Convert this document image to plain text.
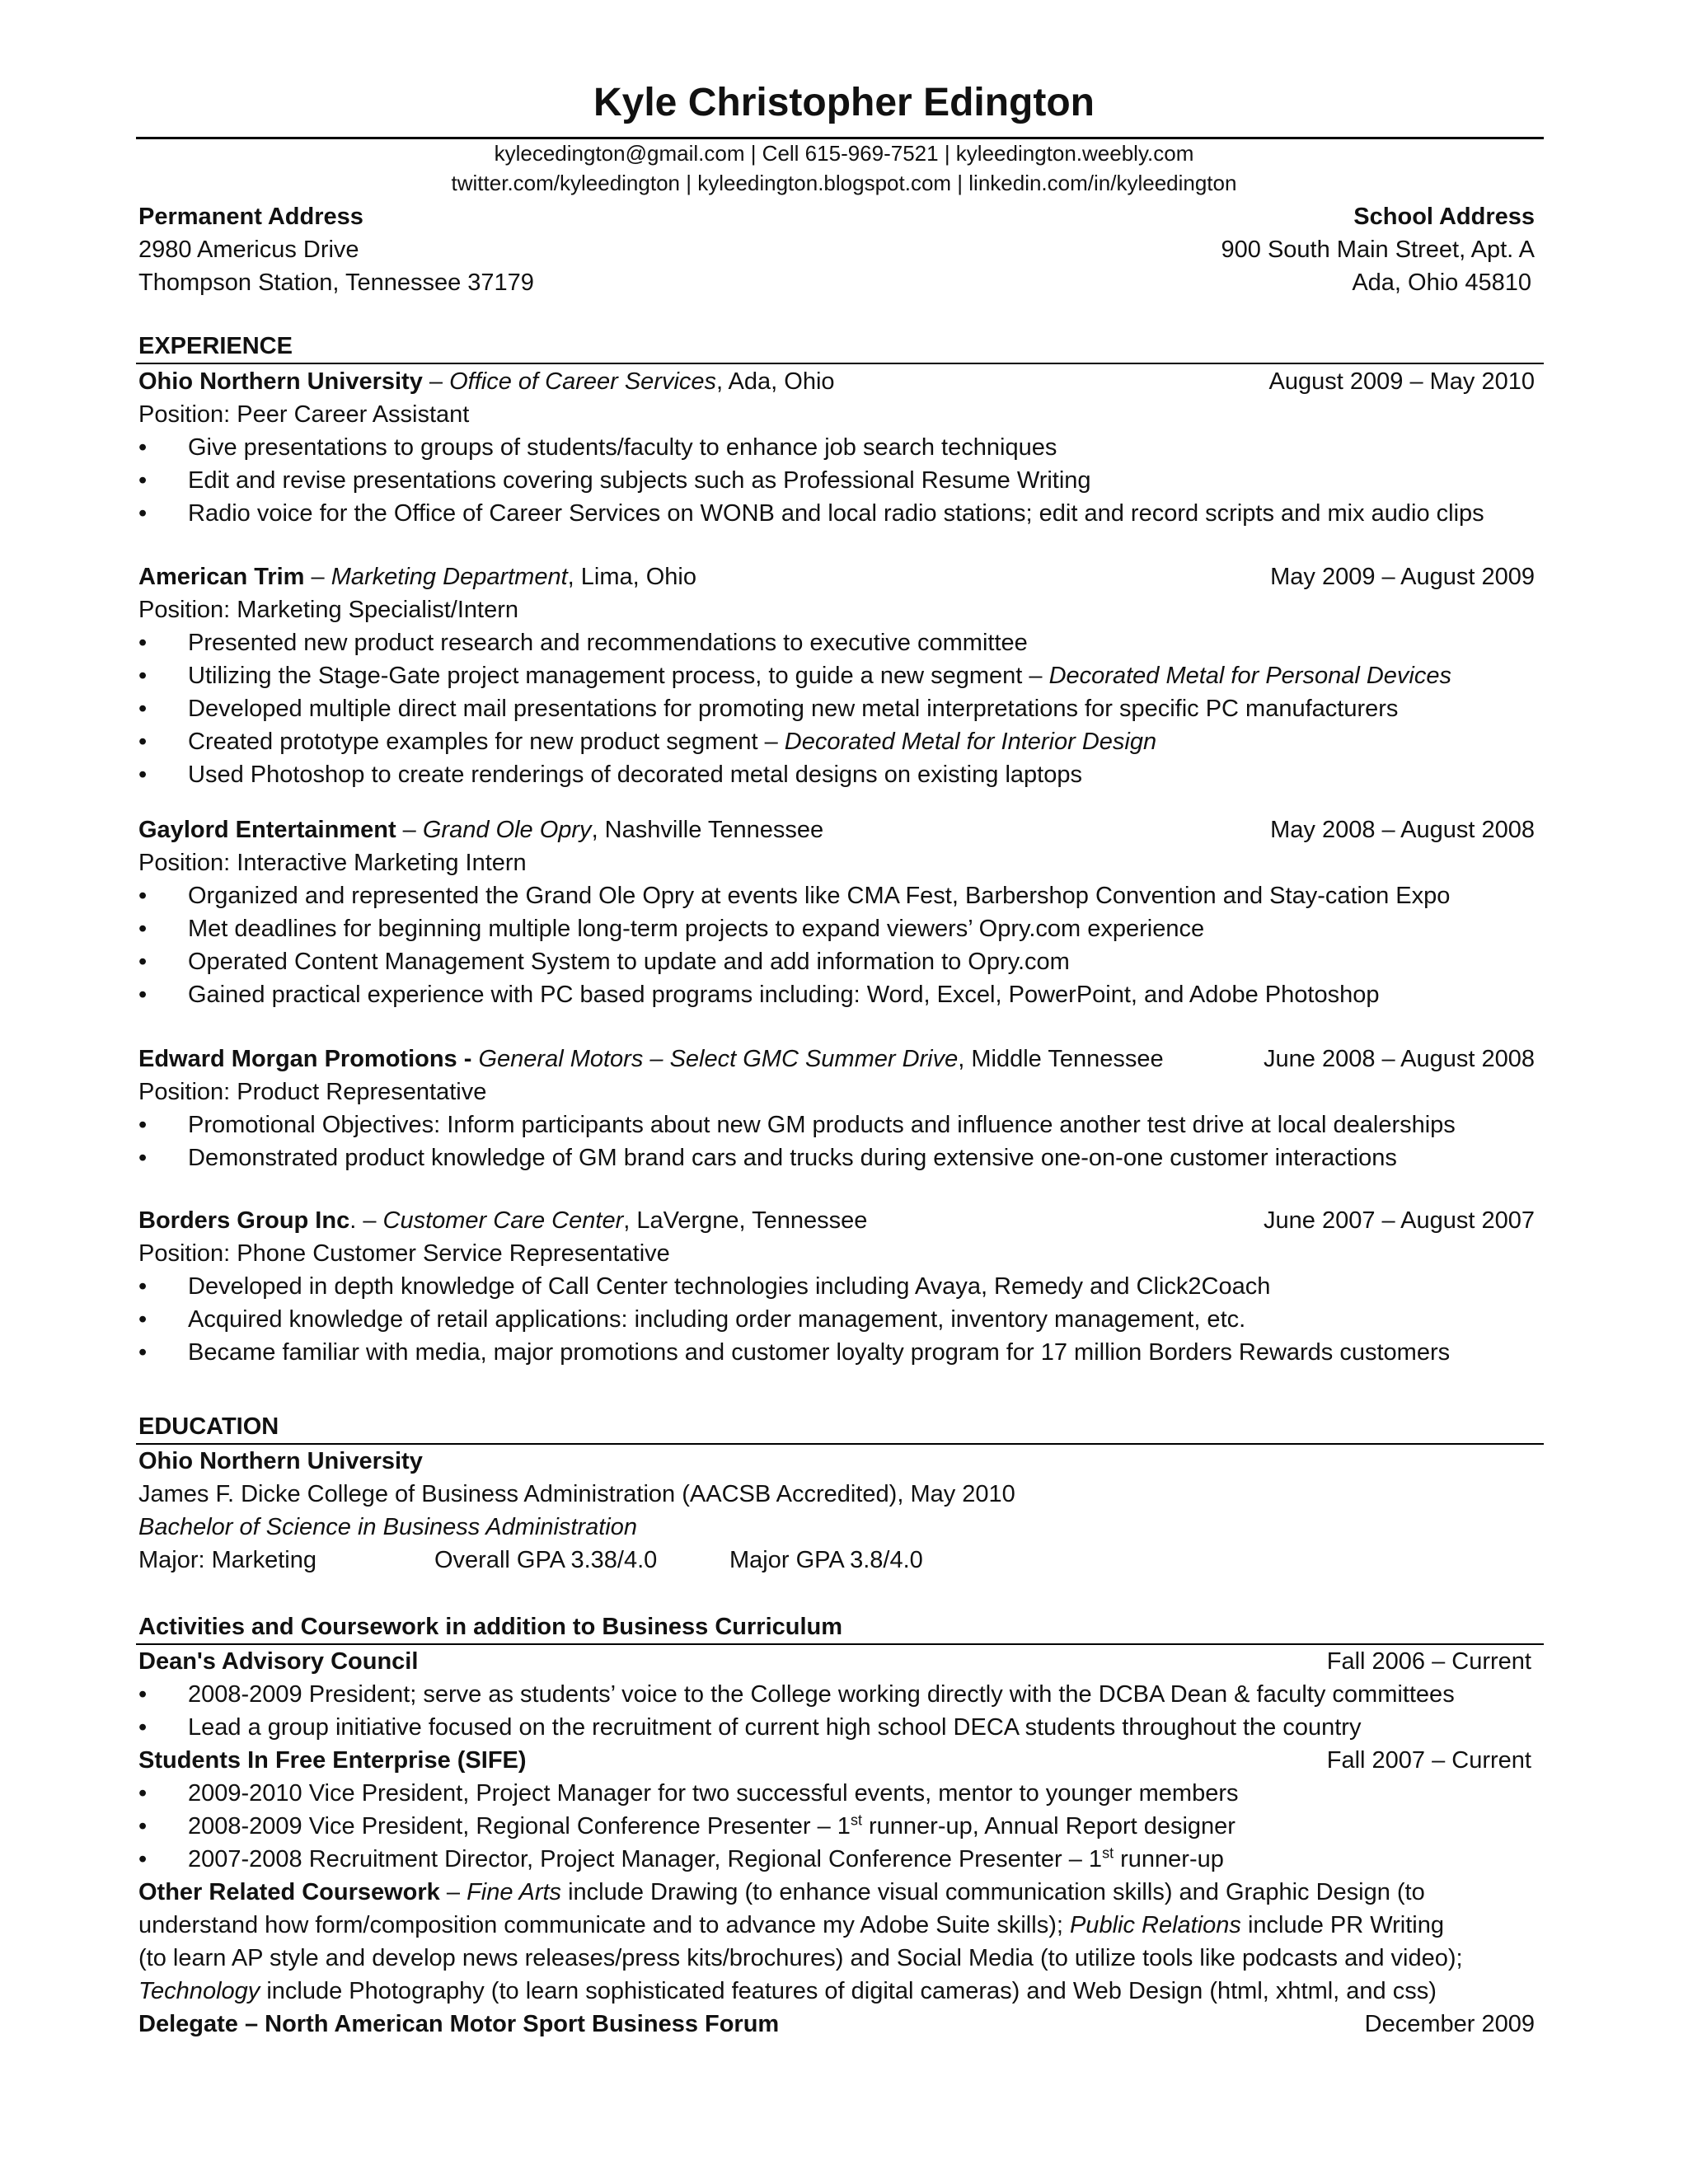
Kyle Christopher Edington
kylecedington@gmail.com | Cell 615-969-7521 | kyleedington.weebly.com
twitter.com/kyleedington | kyleedington.blogspot.com | linkedin.com/in/kyleedington
Permanent Address
2980 Americus Drive
Thompson Station, Tennessee 37179
School Address
900 South Main Street, Apt. A
Ada, Ohio 45810
EXPERIENCE
Ohio Northern University – Office of Career Services, Ada, Ohio	August 2009 – May 2010
Position: Peer Career Assistant
• Give presentations to groups of students/faculty to enhance job search techniques
• Edit and revise presentations covering subjects such as Professional Resume Writing
• Radio voice for the Office of Career Services on WONB and local radio stations; edit and record scripts and mix audio clips
American Trim – Marketing Department, Lima, Ohio	May 2009 – August 2009
Position: Marketing Specialist/Intern
• Presented new product research and recommendations to executive committee
• Utilizing the Stage-Gate project management process, to guide a new segment – Decorated Metal for Personal Devices
• Developed multiple direct mail presentations for promoting new metal interpretations for specific PC manufacturers
• Created prototype examples for new product segment – Decorated Metal for Interior Design
• Used Photoshop to create renderings of decorated metal designs on existing laptops
Gaylord Entertainment – Grand Ole Opry, Nashville Tennessee	May 2008 – August 2008
Position: Interactive Marketing Intern
• Organized and represented the Grand Ole Opry at events like CMA Fest, Barbershop Convention and Stay-cation Expo
• Met deadlines for beginning multiple long-term projects to expand viewers’ Opry.com experience
• Operated Content Management System to update and add information to Opry.com
• Gained practical experience with PC based programs including: Word, Excel, PowerPoint, and Adobe Photoshop
Edward Morgan Promotions - General Motors – Select GMC Summer Drive, Middle Tennessee	June 2008 – August 2008
Position: Product Representative
• Promotional Objectives: Inform participants about new GM products and influence another test drive at local dealerships
• Demonstrated product knowledge of GM brand cars and trucks during extensive one-on-one customer interactions
Borders Group Inc. – Customer Care Center, LaVergne, Tennessee	June 2007 – August 2007
Position: Phone Customer Service Representative
• Developed in depth knowledge of Call Center technologies including Avaya, Remedy and Click2Coach
• Acquired knowledge of retail applications: including order management, inventory management, etc.
• Became familiar with media, major promotions and customer loyalty program for 17 million Borders Rewards customers
EDUCATION
Ohio Northern University
James F. Dicke College of Business Administration (AACSB Accredited), May 2010
Bachelor of Science in Business Administration
Major: Marketing	Overall GPA 3.38/4.0	Major GPA 3.8/4.0
Activities and Coursework in addition to Business Curriculum
Dean's Advisory Council	Fall 2006 – Current
• 2008-2009 President; serve as students’ voice to the College working directly with the DCBA Dean & faculty committees
• Lead a group initiative focused on the recruitment of current high school DECA students throughout the country
Students In Free Enterprise (SIFE)	Fall 2007 – Current
• 2009-2010 Vice President, Project Manager for two successful events, mentor to younger members
• 2008-2009 Vice President, Regional Conference Presenter – 1st runner-up, Annual Report designer
• 2007-2008 Recruitment Director, Project Manager, Regional Conference Presenter – 1st runner-up
Other Related Coursework – Fine Arts include Drawing (to enhance visual communication skills) and Graphic Design (to
understand how form/composition communicate and to advance my Adobe Suite skills); Public Relations include PR Writing
(to learn AP style and develop news releases/press kits/brochures) and Social Media (to utilize tools like podcasts and video);
Technology include Photography (to learn sophisticated features of digital cameras) and Web Design (html, xhtml, and css)
Delegate – North American Motor Sport Business Forum	December 2009
